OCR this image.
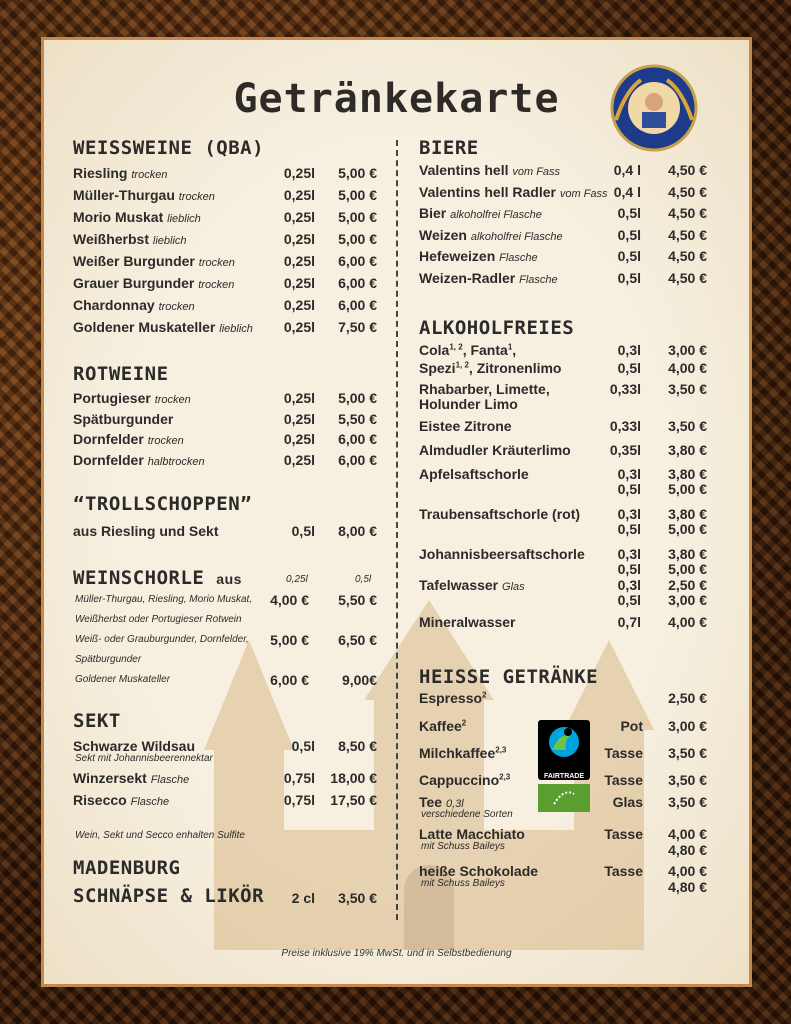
Getränkekarte
WEISSWEINE (QBA)
Riesling trocken	0,25l 5,00 €
Müller-Thurgau trocken	0,25l 5,00 €
Morio Muskat lieblich	0,25l 5,00 €
Weißherbst lieblich	0,25l 5,00 €
Weißer Burgunder trocken	0,25l 6,00 €
Grauer Burgunder trocken	0,25l 6,00 €
Chardonnay trocken	0,25l 6,00 €
Goldener Muskateller lieblich 0,25l 7,50 €
ROTWEINE
Portugieser trocken	0,25l 5,00 €
Spätburgunder	0,25l 5,50 €
Dornfelder trocken	0,25l 6,00 €
Dornfelder halbtrocken	0,25l 6,00 €
“TROLLSCHOPPEN”
aus Riesling und Sekt	0,5l 8,00 €
WEINSCHORLE aus	0,25l	0,5l
Müller-Thurgau, Riesling, Morio Muskat,
Weißherbst oder Portugieser Rotwein
4,00 € 5,50 €
Weiß- oder Grauburgunder, Dornfelder,
Spätburgunder
5,00 € 6,50 €
Goldener Muskateller	6,00 € 9,00€
SEKT
Schwarze Wildsau	0,5l 8,50 €
Sekt mit Johannisbeerennektar
Winzersekt Flasche	0,75l 18,00 €
Risecco Flasche	0,75l 17,50 €
Wein, Sekt und Secco enhalten Sulfite
MADENBURG
SCHNÄPSE & LIKÖR 2 cl 3,50 €
BIERE
Valentins hell vom Fass	0,4 l 4,50 €
Valentins hell Radler vom Fass 0,4 l 4,50 €
Bier alkoholfrei Flasche	0,5l 4,50 €
Weizen alkoholfrei Flasche	0,5l 4,50 €
Hefeweizen Flasche	0,5l 4,50 €
Weizen-Radler Flasche	0,5l 4,50 €
ALKOHOLFREIES
Cola$^{1, 2}$, Fanta$^1$,	0,3l 3,00 €
Spezi$^{1, 2}$, Zitronenlimo	0,5l 4,00 €
Rhabarber, Limette,	0,33l 3,50 €
Holunder Limo
Eistee Zitrone	0,33l 3,50 €
Almdudler Kräuterlimo	0,35l 3,80 €
Apfelsaftschorle	0,3l 3,80 €
0,5l 5,00 €
Traubensaftschorle (rot)	0,3l 3,80 €
0,5l 5,00 €
Johannisbeersaftschorle 0,3l 3,80 €
0,5l 5,00 €
Tafelwasser Glas	0,3l 2,50 €
0,5l 3,00 €
Mineralwasser	0,7l 4,00 €
HEISSE GETRÄNKE
Espresso$^2$	2,50 €
Kaffee$^2$	Pot 3,00 €
Milchkaffee$^{2,3}$	Tasse 3,50 €
Cappuccino$^{2,3}$	Tasse 3,50 €
Tee 0,3l	Glas 3,50 €
verschiedene Sorten
Latte Macchiato	Tasse 4,00 €
mit Schuss Baileys	4,80 €
heiße Schokolade	Tasse 4,00 €
mit Schuss Baileys	4,80 €
FAIRTRADE
Preise inklusive 19% MwSt. und in Selbstbedienung
